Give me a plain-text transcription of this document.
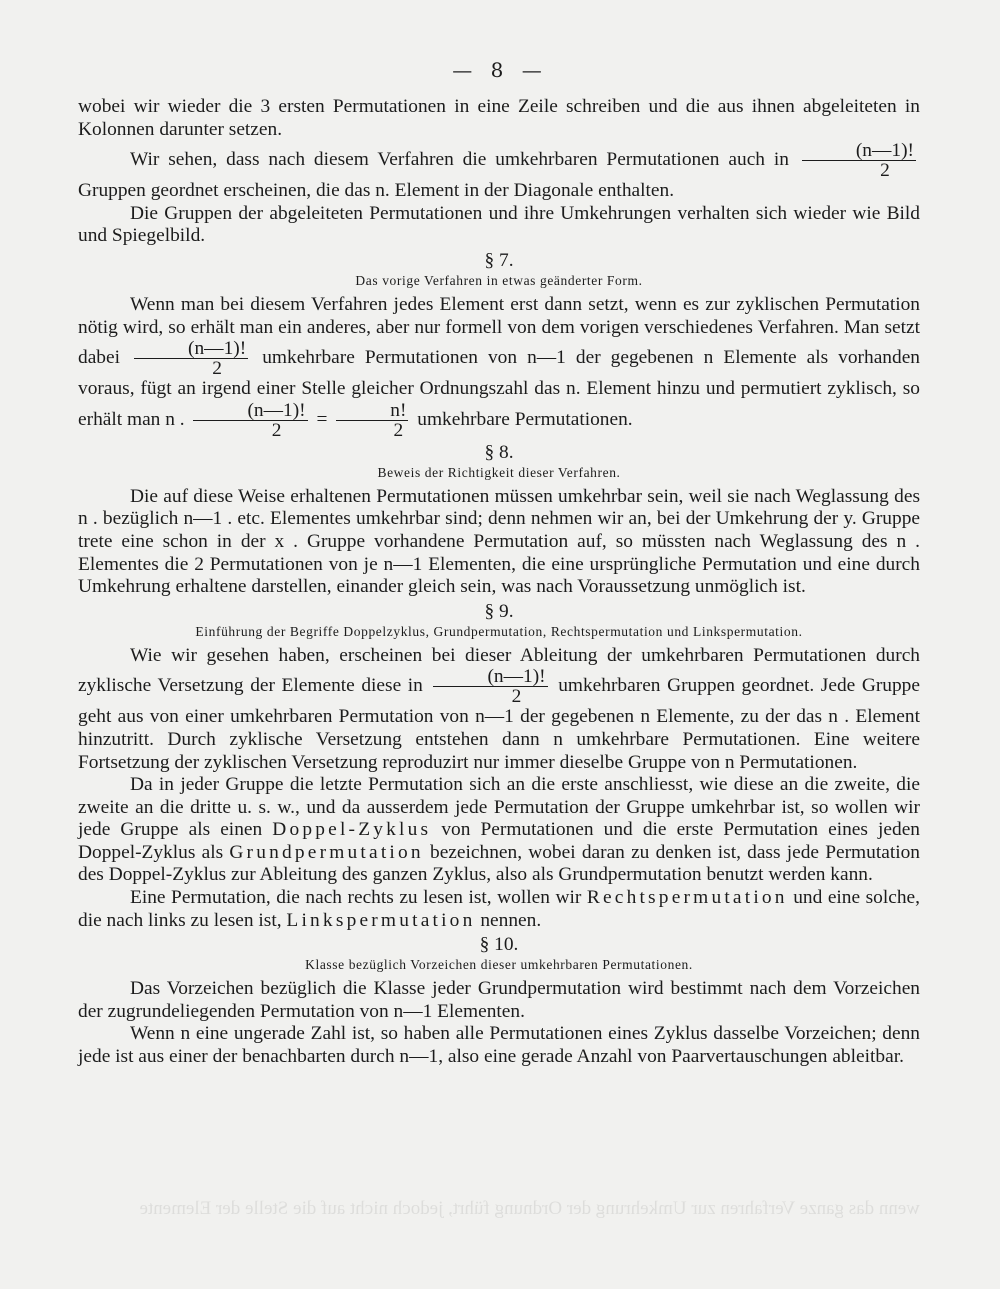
wenn das ganze Verfahren zur Umkehrung der Ordnung führt, jedoch nicht auf die Stelle der Elemente
— 8 —

wobei wir wieder die 3 ersten Permutationen in eine Zeile schreiben und die aus ihnen abgeleiteten in Kolonnen darunter setzen.

Wir sehen, dass nach diesem Verfahren die umkehrbaren Permutationen auch in $\frac{(n—1)!}{2}$
Gruppen geordnet erscheinen, die das n. Element in der Diagonale enthalten.

Die Gruppen der abgeleiteten Permutationen und ihre Umkehrungen verhalten sich wieder wie Bild und Spiegelbild.

§ 7.
Das vorige Verfahren in etwas geänderter Form.

Wenn man bei diesem Verfahren jedes Element erst dann setzt, wenn es zur zyklischen Permutation nötig wird, so erhält man ein anderes, aber nur formell von dem vorigen verschiedenes Verfahren. Man setzt dabei $\frac{(n—1)!}{2}$ umkehrbare Permutationen von n—1 der gegebenen n Elemente als vorhanden voraus, fügt an irgend einer Stelle gleicher Ordnungszahl das n. Element hinzu und permutiert zyklisch, so erhält man n . $\frac{(n—1)!}{2} = \frac{n!}{2}$ umkehrbare Permutationen.

§ 8.
Beweis der Richtigkeit dieser Verfahren.

Die auf diese Weise erhaltenen Permutationen müssen umkehrbar sein, weil sie nach Weglassung des n . bezüglich n—1 . etc. Elementes umkehrbar sind; denn nehmen wir an, bei der Umkehrung der y. Gruppe trete eine schon in der x . Gruppe vorhandene Permutation auf, so müssten nach Weglassung des n . Elementes die 2 Permutationen von je n—1 Elementen, die eine ursprüngliche Permutation und eine durch Umkehrung erhaltene darstellen, einander gleich sein, was nach Voraussetzung unmöglich ist.

§ 9.
Einführung der Begriffe Doppelzyklus, Grundpermutation, Rechtspermutation und Linkspermutation.

Wie wir gesehen haben, erscheinen bei dieser Ableitung der umkehrbaren Permutationen durch zyklische Versetzung der Elemente diese in $\frac{(n—1)!}{2}$ umkehrbaren Gruppen geordnet. Jede Gruppe geht aus von einer umkehrbaren Permutation von n—1 der gegebenen n Elemente, zu der das n . Element hinzutritt. Durch zyklische Versetzung entstehen dann n umkehrbare Permutationen. Eine weitere Fortsetzung der zyklischen Versetzung reproduzirt nur immer dieselbe Gruppe von n Permutationen.

Da in jeder Gruppe die letzte Permutation sich an die erste anschliesst, wie diese an die zweite, die zweite an die dritte u. s. w., und da ausserdem jede Permutation der Gruppe umkehrbar ist, so wollen wir jede Gruppe als einen Doppel-Zyklus von Permutationen und die erste Permutation eines jeden Doppel-Zyklus als Grundpermutation bezeichnen, wobei daran zu denken ist, dass jede Permutation des Doppel-Zyklus zur Ableitung des ganzen Zyklus, also als Grundpermutation benutzt werden kann.

Eine Permutation, die nach rechts zu lesen ist, wollen wir Rechtspermutation und eine solche, die nach links zu lesen ist, Linkspermutation nennen.

§ 10.
Klasse bezüglich Vorzeichen dieser umkehrbaren Permutationen.

Das Vorzeichen bezüglich die Klasse jeder Grundpermutation wird bestimmt nach dem Vorzeichen der zugrundeliegenden Permutation von n—1 Elementen.

Wenn n eine ungerade Zahl ist, so haben alle Permutationen eines Zyklus dasselbe Vorzeichen; denn jede ist aus einer der benachbarten durch n—1, also eine gerade Anzahl von Paarvertauschungen ableitbar.
